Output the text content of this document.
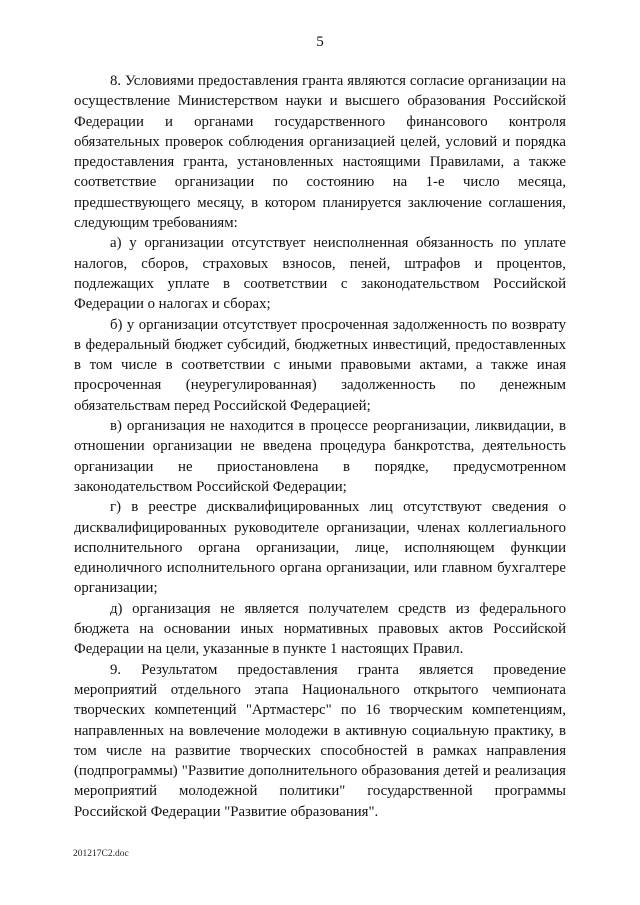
5

8. Условиями предоставления гранта являются согласие организации на осуществление Министерством науки и высшего образования Российской Федерации и органами государственного финансового контроля обязательных проверок соблюдения организацией целей, условий и порядка предоставления гранта, установленных настоящими Правилами, а также соответствие организации по состоянию на 1-е число месяца, предшествующего месяцу, в котором планируется заключение соглашения, следующим требованиям:

а) у организации отсутствует неисполненная обязанность по уплате налогов, сборов, страховых взносов, пеней, штрафов и процентов, подлежащих уплате в соответствии с законодательством Российской Федерации о налогах и сборах;

б) у организации отсутствует просроченная задолженность по возврату в федеральный бюджет субсидий, бюджетных инвестиций, предоставленных в том числе в соответствии с иными правовыми актами, а также иная просроченная (неурегулированная) задолженность по денежным обязательствам перед Российской Федерацией;

в) организация не находится в процессе реорганизации, ликвидации, в отношении организации не введена процедура банкротства, деятельность организации не приостановлена в порядке, предусмотренном законодательством Российской Федерации;

г) в реестре дисквалифицированных лиц отсутствуют сведения о дисквалифицированных руководителе организации, членах коллегиального исполнительного органа организации, лице, исполняющем функции единоличного исполнительного органа организации, или главном бухгалтере организации;

д) организация не является получателем средств из федерального бюджета на основании иных нормативных правовых актов Российской Федерации на цели, указанные в пункте 1 настоящих Правил.

9. Результатом предоставления гранта является проведение мероприятий отдельного этапа Национального открытого чемпионата творческих компетенций "Артмастерс" по 16 творческим компетенциям, направленных на вовлечение молодежи в активную социальную практику, в том числе на развитие творческих способностей в рамках направления (подпрограммы) "Развитие дополнительного образования детей и реализация мероприятий молодежной политики" государственной программы Российской Федерации "Развитие образования".

201217C2.doc
